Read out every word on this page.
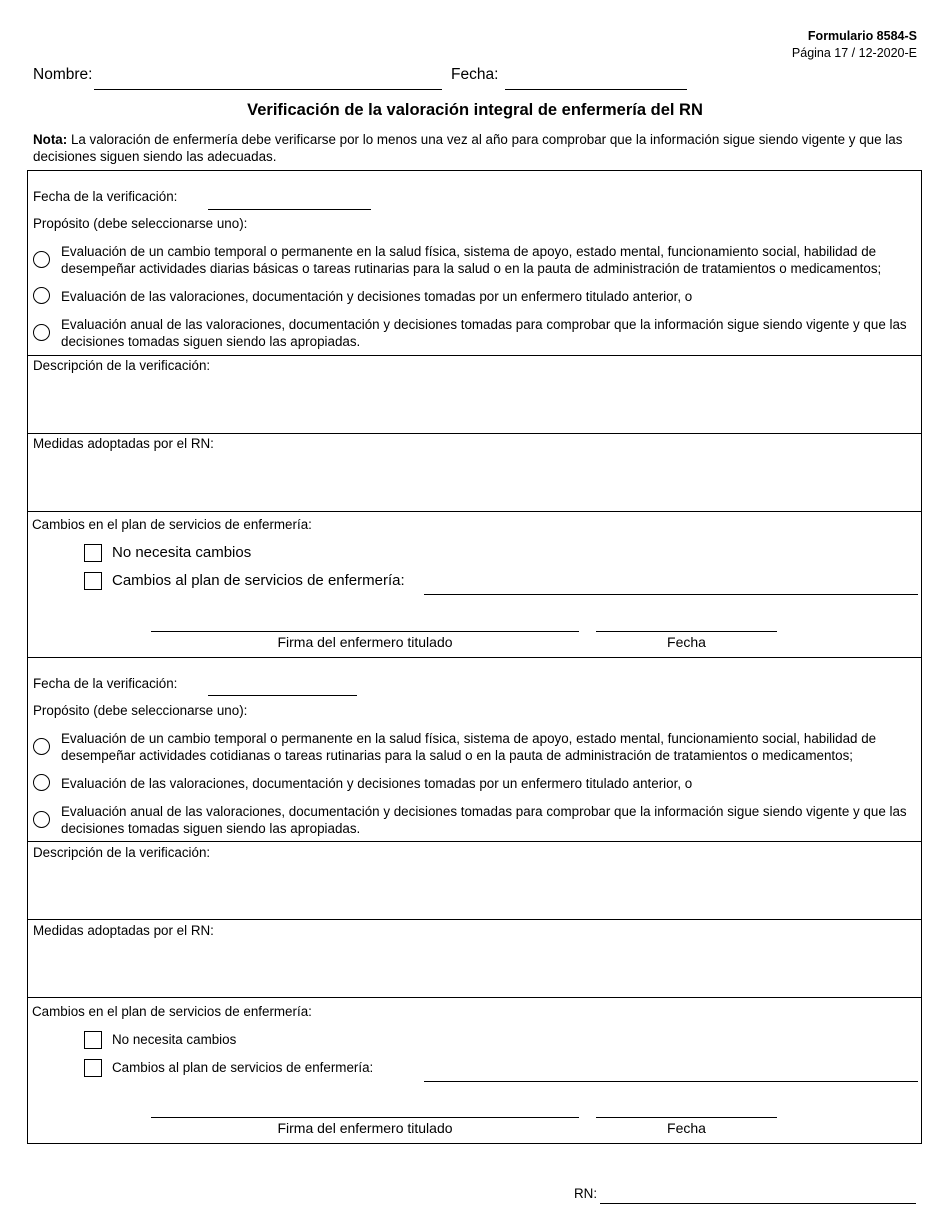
Formulario 8584-S
Página 17 / 12-2020-E
Nombre:	Fecha:
Verificación de la valoración integral de enfermería del RN
Nota: La valoración de enfermería debe verificarse por lo menos una vez al año para comprobar que la información sigue siendo vigente y que las decisiones siguen siendo las adecuadas.
Fecha de la verificación:
Propósito (debe seleccionarse uno):
Evaluación de un cambio temporal o permanente en la salud física, sistema de apoyo, estado mental, funcionamiento social, habilidad de desempeñar actividades diarias básicas o tareas rutinarias para la salud o en la pauta de administración de tratamientos o medicamentos;
Evaluación de las valoraciones, documentación y decisiones tomadas por un enfermero titulado anterior, o
Evaluación anual de las valoraciones, documentación y decisiones tomadas para comprobar que la información sigue siendo vigente y que las decisiones tomadas siguen siendo las apropiadas.
Descripción de la verificación:
Medidas adoptadas por el RN:
Cambios en el plan de servicios de enfermería:
No necesita cambios
Cambios al plan de servicios de enfermería:
Firma del enfermero titulado	Fecha
Fecha de la verificación:
Propósito (debe seleccionarse uno):
Evaluación de un cambio temporal o permanente en la salud física, sistema de apoyo, estado mental, funcionamiento social, habilidad de desempeñar actividades cotidianas o tareas rutinarias para la salud o en la pauta de administración de tratamientos o medicamentos;
Evaluación de las valoraciones, documentación y decisiones tomadas por un enfermero titulado anterior, o
Evaluación anual de las valoraciones, documentación y decisiones tomadas para comprobar que la información sigue siendo vigente y que las decisiones tomadas siguen siendo las apropiadas.
Descripción de la verificación:
Medidas adoptadas por el RN:
Cambios en el plan de servicios de enfermería:
No necesita cambios
Cambios al plan de servicios de enfermería:
Firma del enfermero titulado	Fecha
RN:
